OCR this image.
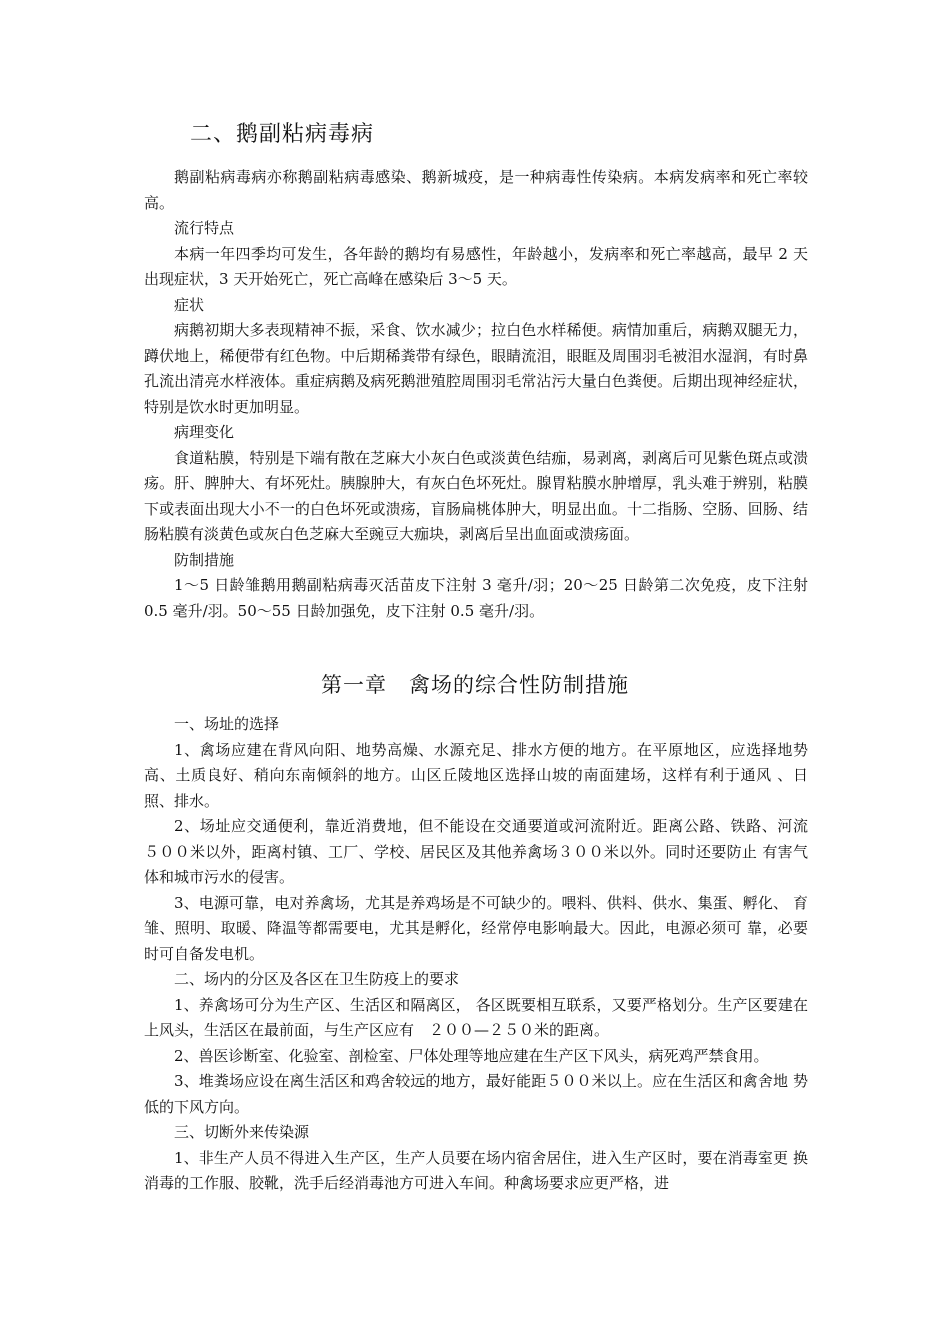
二、鹅副粘病毒病

鹅副粘病毒病亦称鹅副粘病毒感染、鹅新城疫，是一种病毒性传染病。本病发病率和死亡率较高。

流行特点

本病一年四季均可发生，各年龄的鹅均有易感性，年龄越小，发病率和死亡率越高，最早 2 天出现症状，3 天开始死亡，死亡高峰在感染后 3～5 天。

症状

病鹅初期大多表现精神不振，采食、饮水减少；拉白色水样稀便。病情加重后，病鹅双腿无力，蹲伏地上，稀便带有红色物。中后期稀粪带有绿色，眼睛流泪，眼眶及周围羽毛被泪水湿润，有时鼻孔流出清亮水样液体。重症病鹅及病死鹅泄殖腔周围羽毛常沾污大量白色粪便。后期出现神经症状，特别是饮水时更加明显。

病理变化

食道粘膜，特别是下端有散在芝麻大小灰白色或淡黄色结痂，易剥离，剥离后可见紫色斑点或溃疡。肝、脾肿大、有坏死灶。胰腺肿大，有灰白色坏死灶。腺胃粘膜水肿增厚，乳头难于辨别，粘膜下或表面出现大小不一的白色坏死或溃疡，盲肠扁桃体肿大，明显出血。十二指肠、空肠、回肠、结肠粘膜有淡黄色或灰白色芝麻大至豌豆大痂块，剥离后呈出血面或溃疡面。

防制措施

1～5 日龄雏鹅用鹅副粘病毒灭活苗皮下注射 3 毫升/羽；20～25 日龄第二次免疫，皮下注射 0.5 毫升/羽。50～55 日龄加强免，皮下注射 0.5 毫升/羽。

第一章　禽场的综合性防制措施

一、场址的选择

1、禽场应建在背风向阳、地势高燥、水源充足、排水方便的地方。在平原地区，应选择地势 高、土质良好、稍向东南倾斜的地方。山区丘陵地区选择山坡的南面建场，这样有利于通风 、日照、排水。

2、场址应交通便利，靠近消费地，但不能设在交通要道或河流附近。距离公路、铁路、河流　５００米以外，距离村镇、工厂、学校、居民区及其他养禽场３００米以外。同时还要防止 有害气体和城市污水的侵害。

3、电源可靠，电对养禽场，尤其是养鸡场是不可缺少的。喂料、供料、供水、集蛋、孵化、 育雏、照明、取暖、降温等都需要电，尤其是孵化，经常停电影响最大。因此，电源必须可 靠，必要时可自备发电机。

二、场内的分区及各区在卫生防疫上的要求

1、养禽场可分为生产区、生活区和隔离区， 各区既要相互联系，又要严格划分。生产区要建在上风头，生活区在最前面，与生产区应有　２００—２５０米的距离。

2、兽医诊断室、化验室、剖检室、尸体处理等地应建在生产区下风头，病死鸡严禁食用。

3、堆粪场应设在离生活区和鸡舍较远的地方，最好能距５００米以上。应在生活区和禽舍地 势低的下风方向。

三、切断外来传染源

1、非生产人员不得进入生产区，生产人员要在场内宿舍居住，进入生产区时，要在消毒室更 换消毒的工作服、胶靴，洗手后经消毒池方可进入车间。种禽场要求应更严格，进
